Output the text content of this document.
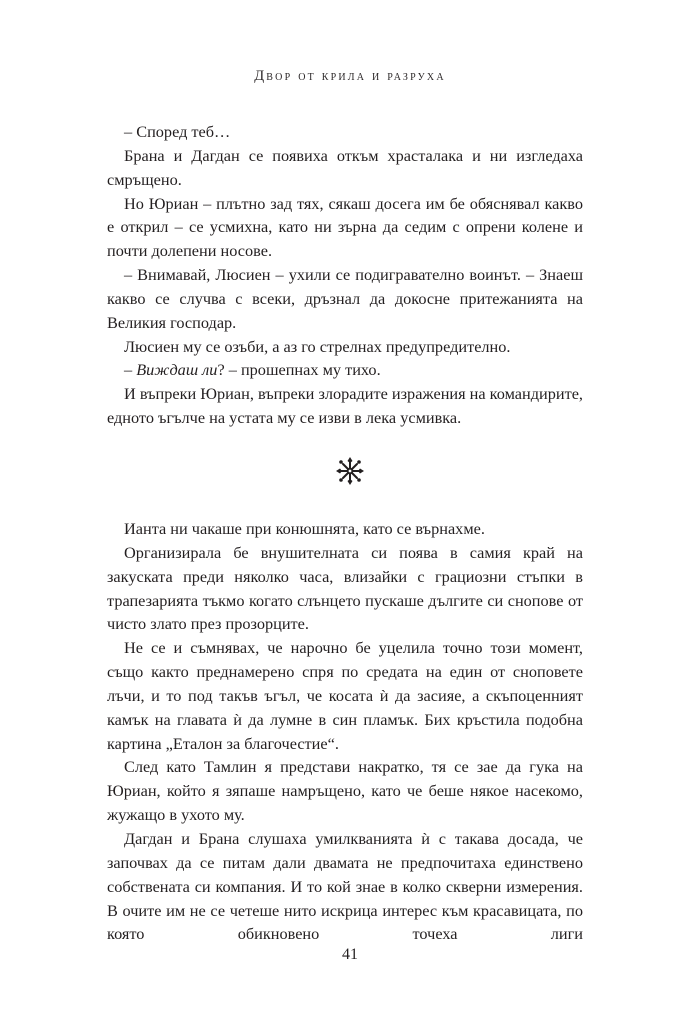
Двор от крила и разруха

– Според теб…

Брана и Дагдан се появиха откъм храсталака и ни изгледаха смръщено.

Но Юриан – плътно зад тях, сякаш досега им бе обяснявал какво е открил – се усмихна, като ни зърна да седим с опрени колене и почти долепени носове.

– Внимавай, Люсиен – ухили се подигравателно воинът. – Знаеш какво се случва с всеки, дръзнал да докосне притежанията на Великия господар.

Люсиен му се озъби, а аз го стрелнах предупредително.

– Виждаш ли? – прошепнах му тихо.

И въпреки Юриан, въпреки злорадите изражения на командирите, едното ъгълче на устата му се изви в лека усмивка.

Ианта ни чакаше при конюшнята, като се върнахме.

Организирала бе внушителната си поява в самия край на закуската преди няколко часа, влизайки с грациозни стъпки в трапезарията тъкмо когато слънцето пускаше дългите си снопове от чисто злато през прозорците.

Не се и съмнявах, че нарочно бе уцелила точно този момент, също както преднамерено спря по средата на един от сноповете лъчи, и то под такъв ъгъл, че косата ѝ да засияе, а скъпоценният камък на главата ѝ да лумне в син пламък. Бих кръстила подобна картина „Еталон за благочестие“.

След като Тамлин я представи накратко, тя се зае да гука на Юриан, който я зяпаше намръщено, като че беше някое насекомо, жужащо в ухото му.

Дагдан и Брана слушаха умилкванията ѝ с такава досада, че започвах да се питам дали двамата не предпочитаха единствено собствената си компания. И то кой знае в колко скверни измерения. В очите им не се четеше нито искрица интерес към красавицата, по която обикновено точеха лиги

41
